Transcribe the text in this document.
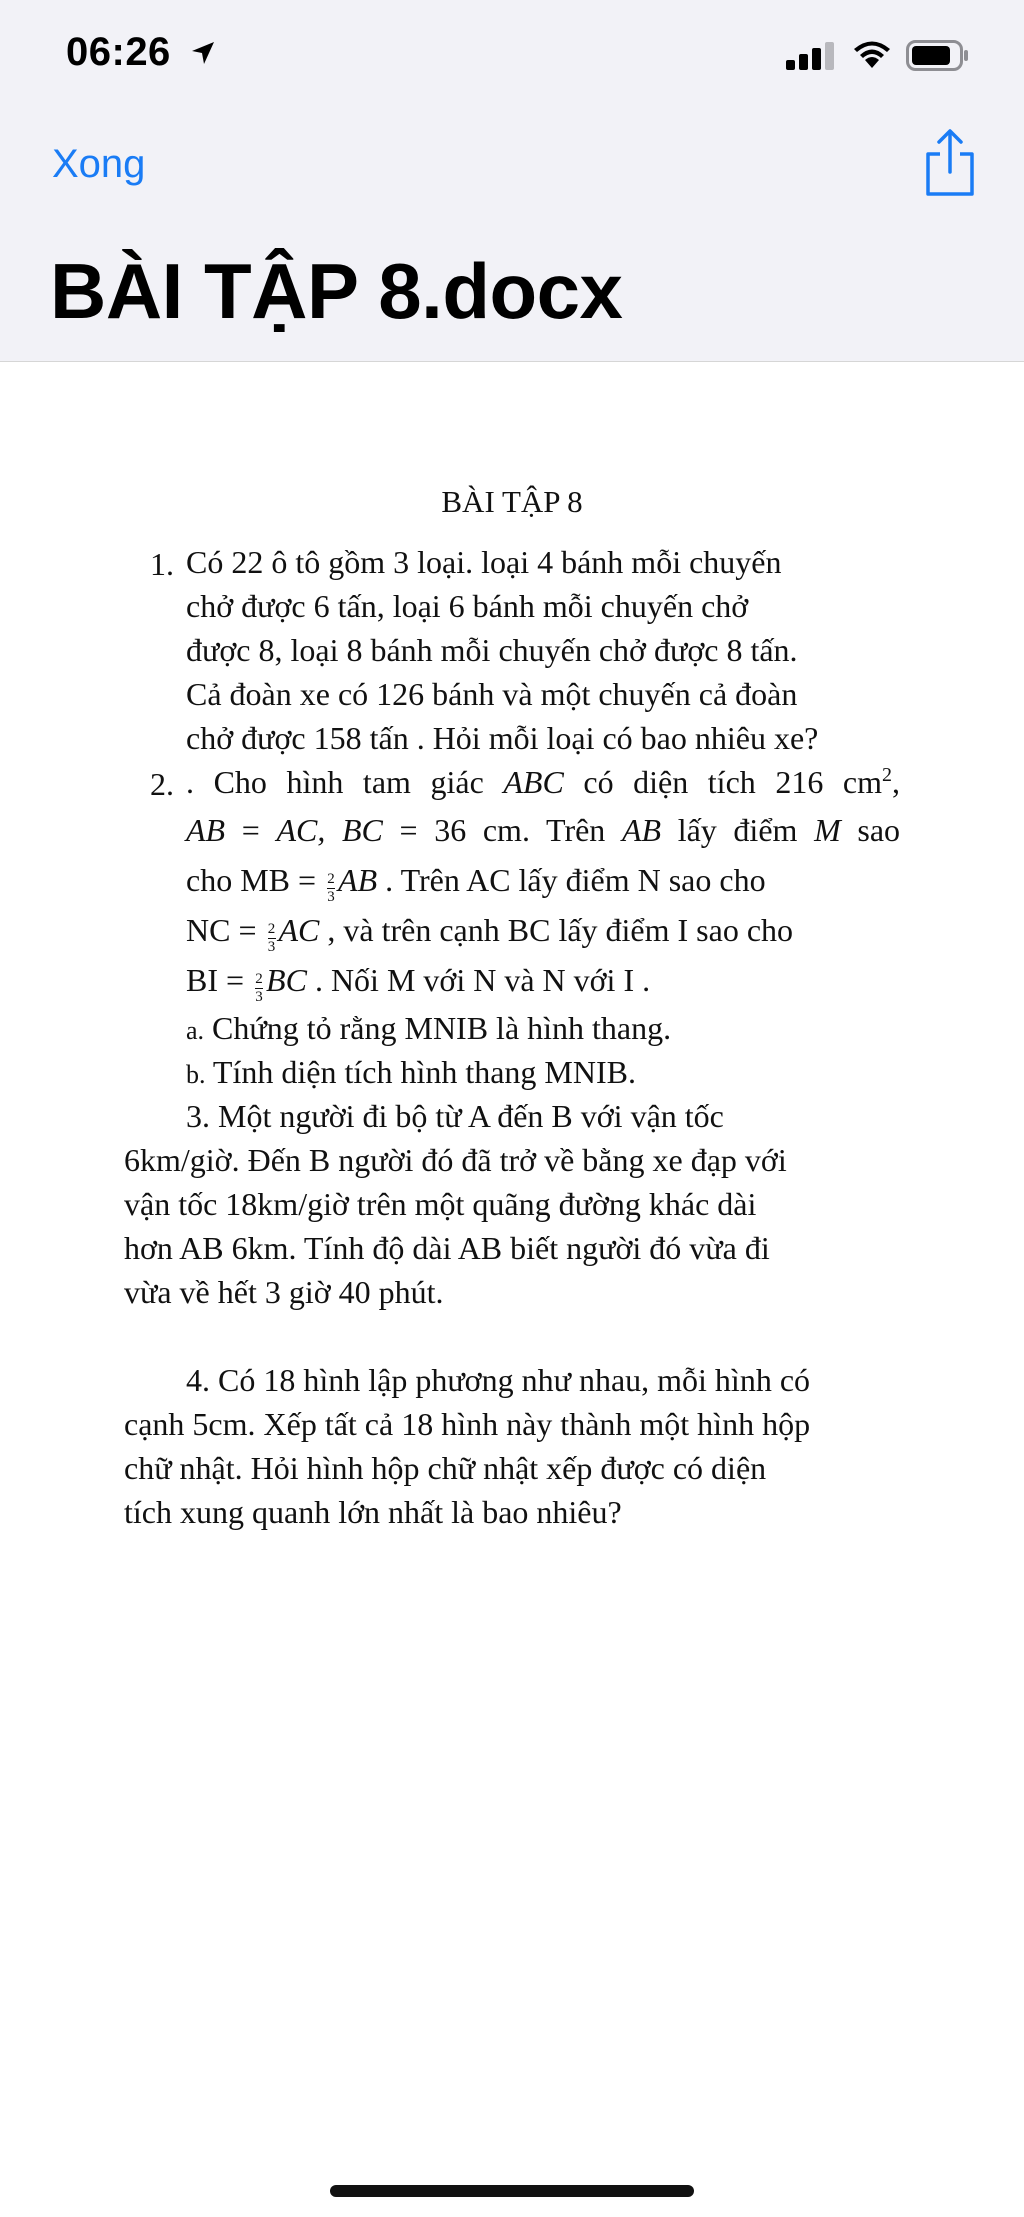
06:26
Xong
BÀI TẬP 8.docx
BÀI TẬP 8
1. Có 22 ô tô gồm 3 loại. loại 4 bánh mỗi chuyến
chở được 6 tấn, loại 6 bánh mỗi chuyến chở
được 8, loại 8 bánh mỗi chuyến chở được 8 tấn.
Cả đoàn xe có 126 bánh và một chuyến cả đoàn
chở được 158 tấn . Hỏi mỗi loại có bao nhiêu xe?
2. . Cho hình tam giác ABC có diện tích 216 $cm^2$,
AB = AC, BC = 36 cm. Trên AB lấy điểm M sao
cho MB = $\frac{2}{3}$ AB . Trên AC lấy điểm N sao cho
NC = $\frac{2}{3}$ AC , và trên cạnh BC lấy điểm I sao cho
BI = $\frac{2}{3}$ BC . Nối M với N và N với I .
a. Chứng tỏ rằng MNIB là hình thang.
b. Tính diện tích hình thang MNIB.
3. Một người đi bộ từ A đến B với vận tốc
6km/giờ. Đến B người đó đã trở về bằng xe đạp với
vận tốc 18km/giờ trên một quãng đường khác dài
hơn AB 6km. Tính độ dài AB biết người đó vừa đi
vừa về hết 3 giờ 40 phút.
4. Có 18 hình lập phương như nhau, mỗi hình có
cạnh 5cm. Xếp tất cả 18 hình này thành một hình hộp
chữ nhật. Hỏi hình hộp chữ nhật xếp được có diện
tích xung quanh lớn nhất là bao nhiêu?
